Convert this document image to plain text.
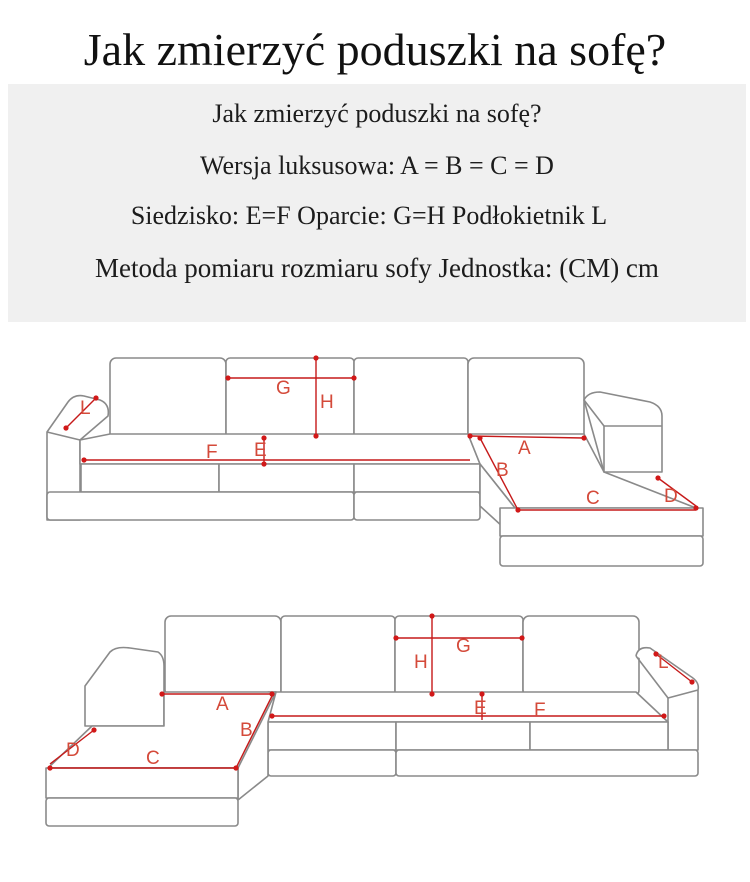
Jak zmierzyć poduszki na sofę?
Jak zmierzyć poduszki na sofę?
Wersja luksusowa: A = B = C = D
Siedzisko: E=F Oparcie: G=H Podłokietnik L
Metoda pomiaru rozmiaru sofy Jednostka: (CM) cm
G
H
F E
L
A
B
C	D
G
H
E F
L
A
B
C
D
